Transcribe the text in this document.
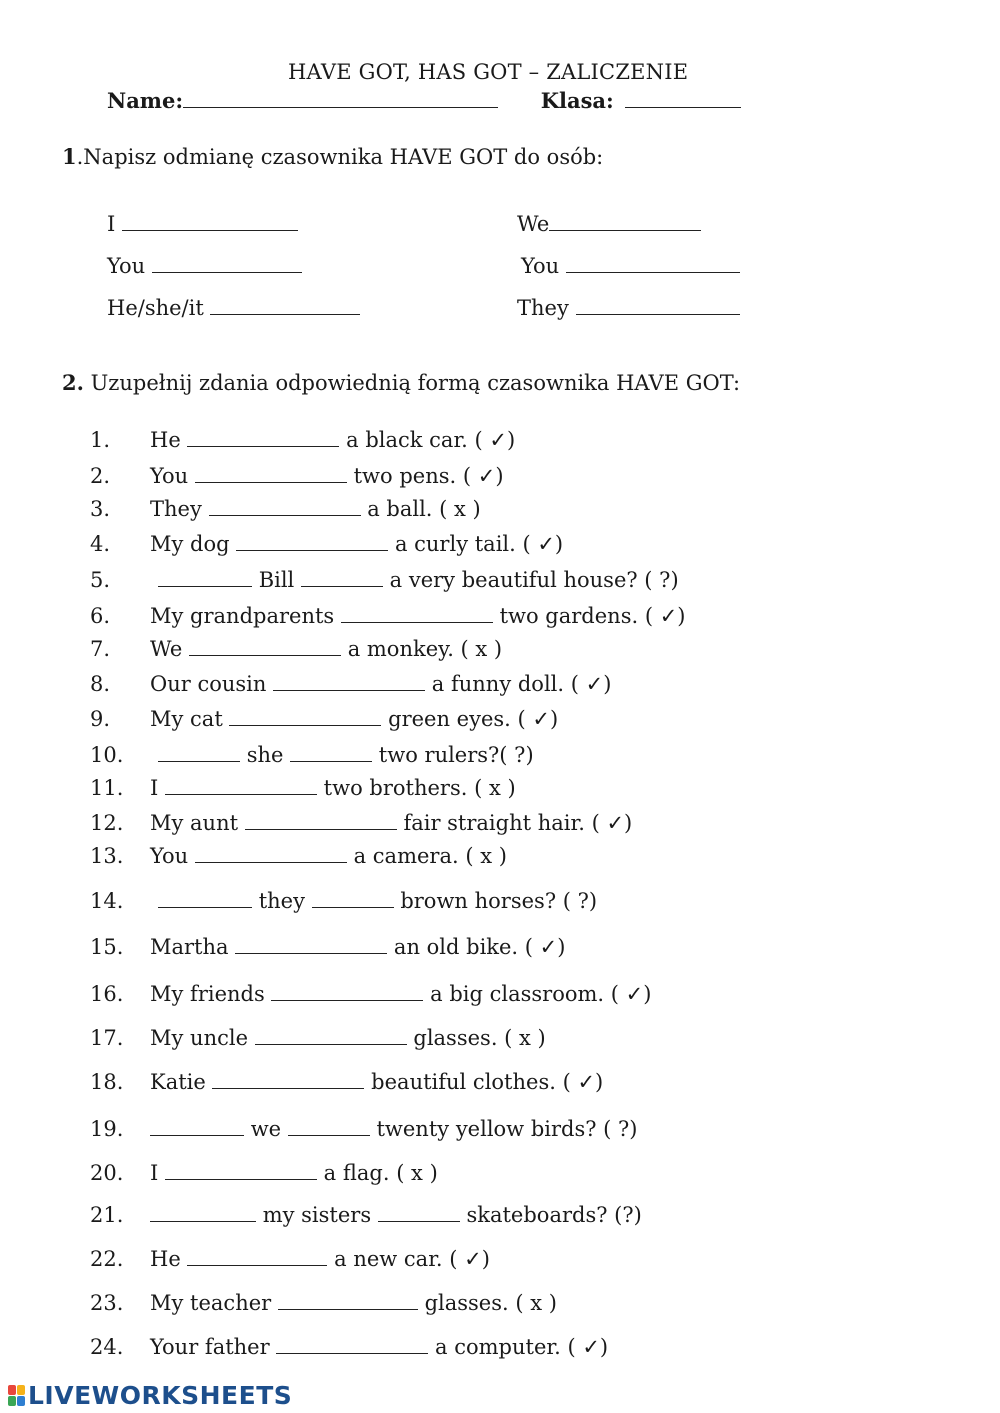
HAVE GOT, HAS GOT – ZALICZENIE
Name:	Klasa:
1.Napisz odmianę czasownika HAVE GOT do osób:
I	We
You	You
He/she/it	They
2. Uzupełnij zdania odpowiednią formą czasownika HAVE GOT:
1. He	a black car. ( ✓)
2. You	two pens. ( ✓)
3. They	a ball. ( x )
4. My dog	a curly tail. ( ✓)
5.	Bill	a very beautiful house? ( ?)
6. My grandparents	two gardens. ( ✓)
7. We	a monkey. ( x )
8. Our cousin	a funny doll. ( ✓)
9. My cat	green eyes. ( ✓)
10.	she	two rulers?( ?)
11. I	two brothers. ( x )
12. My aunt	fair straight hair. ( ✓)
13. You	a camera. ( x )
14.	they	brown horses? ( ?)
15. Martha	an old bike. ( ✓)
16. My friends	a big classroom. ( ✓)
17. My uncle	glasses. ( x )
18. Katie	beautiful clothes. ( ✓)
19.	we	twenty yellow birds? ( ?)
20. I	a flag. ( x )
21.	my sisters	skateboards? (?)
22. He	a new car. ( ✓)
23. My teacher	glasses. ( x )
24. Your father	a computer. ( ✓)
LIVEWORKSHEETS
